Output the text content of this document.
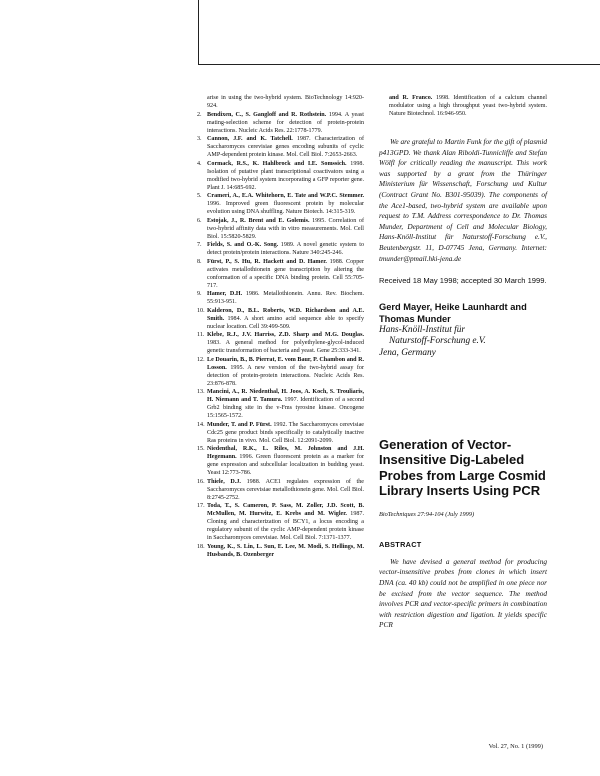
arise in using the two-hybrid system. BioTechnology 14:920-924.
2. Bendixen, C., S. Gangloff and R. Rothstein. 1994. A yeast mating-selection scheme for detection of protein-protein interactions. Nucleic Acids Res. 22:1778-1779.
3. Cannon, J.F. and K. Tatchell. 1987. Characterization of Saccharomyces cerevisiae genes encoding subunits of cyclic AMP-dependent protein kinase. Mol. Cell Biol. 7:2653-2663.
4. Cormack, R.S., K. Hahlbrock and I.E. Somssich. 1998. Isolation of putative plant transcriptional coactivators using a modified two-hybrid system incorporating a GFP reporter gene. Plant J. 14:685-692.
5. Crameri, A., E.A. Whitehorn, E. Tate and W.P.C. Stemmer. 1996. Improved green fluorescent protein by molecular evolution using DNA shuffling. Nature Biotech. 14:315-319.
6. Estojak, J., R. Brent and E. Golemis. 1995. Correlation of two-hybrid affinity data with in vitro measurements. Mol. Cell Biol. 15:5820-5829.
7. Fields, S. and O.-K. Song. 1989. A novel genetic system to detect protein/protein interactions. Nature 340:245-246.
8. Fürst, P., S. Hu, R. Hackett and D. Hamer. 1988. Copper activates metallothionein gene transcription by altering the conformation of a specific DNA binding protein. Cell 55:705-717.
9. Hamer, D.H. 1986. Metallothionein. Annu. Rev. Biochem. 55:913-951.
10. Kalderon, D., B.L. Roberts, W.D. Richardson and A.E. Smith. 1984. A short amino acid sequence able to specify nuclear location. Cell 39:499-509.
11. Klebe, R.J., J.V. Harriss, Z.D. Sharp and M.G. Douglas. 1983. A general method for polyethylene-glycol-induced genetic transformation of bacteria and yeast. Gene 25:333-341.
12. Le Douarin, B., B. Pierrat, E. vom Baur, P. Chambon and R. Losson. 1995. A new version of the two-hybrid assay for detection of protein-protein interactions. Nucleic Acids Res. 23:876-878.
13. Mancini, A., R. Niedenthal, H. Joos, A. Koch, S. Trouliaris, H. Niemann and T. Tamura. 1997. Identification of a second Grb2 binding site in the v-Fms tyrosine kinase. Oncogene 15:1565-1572.
14. Munder, T. and P. Fürst. 1992. The Saccharomyces cerevisiae Cdc25 gene product binds specifically to catalytically inactive Ras proteins in vivo. Mol. Cell Biol. 12:2091-2099.
15. Niedenthal, R.K., L. Riles, M. Johnston and J.H. Hegemann. 1996. Green fluorescent protein as a marker for gene expression and subcellular localization in budding yeast. Yeast 12:773-786.
16. Thiele, D.J. 1988. ACE1 regulates expression of the Saccharomyces cerevisiae metallothionein gene. Mol. Cell Biol. 8:2745-2752.
17. Toda, T., S. Cameron, P. Sass, M. Zoller, J.D. Scott, B. McMullen, M. Hurwitz, E. Krebs and M. Wigler. 1987. Cloning and characterization of BCY1, a locus encoding a regulatory subunit of the cyclic AMP-dependent protein kinase in Saccharomyces cerevisiae. Mol. Cell Biol. 7:1371-1377.
18. Young, K., S. Lin, L. Sun, E. Lee, M. Modi, S. Hellings, M. Husbands, B. Ozenberger
and R. Franco. 1998. Identification of a calcium channel modulator using a high throughput yeast two-hybrid system. Nature Biotechnol. 16:946-950.

We are grateful to Martin Funk for the gift of plasmid p413GPD. We thank Alan Riboldi-Tunnicliffe and Stefan Wölfl for critically reading the manuscript. This work was supported by a grant from the Thüringer Ministerium für Wissenschaft, Forschung und Kultur (Contract Grant No. B301-95039). The components of the Ace1-based, two-hybrid system are available upon request to T.M. Address correspondence to Dr. Thomas Munder, Department of Cell and Molecular Biology, Hans-Knöll-Institut für Naturstoff-Forschung e.V., Beutenbergstr. 11, D-07745 Jena, Germany. Internet: tmunder@pmail.hki-jena.de

Received 18 May 1998; accepted 30 March 1999.
Gerd Mayer, Heike Launhardt and Thomas Munder
Hans-Knöll-Institut für
Naturstoff-Forschung e.V.
Jena, Germany
Generation of Vector-Insensitive Dig-Labeled Probes from Large Cosmid Library Inserts Using PCR
BioTechniques 27:94-104 (July 1999)
ABSTRACT

We have devised a general method for producing vector-insensitive probes from clones in which insert DNA (ca. 40 kb) could not be amplified in one piece nor be excised from the vector sequence. The method involves PCR and vector-specific primers in combination with restriction digestion and ligation. It yields specific PCR

Vol. 27, No. 1 (1999)
